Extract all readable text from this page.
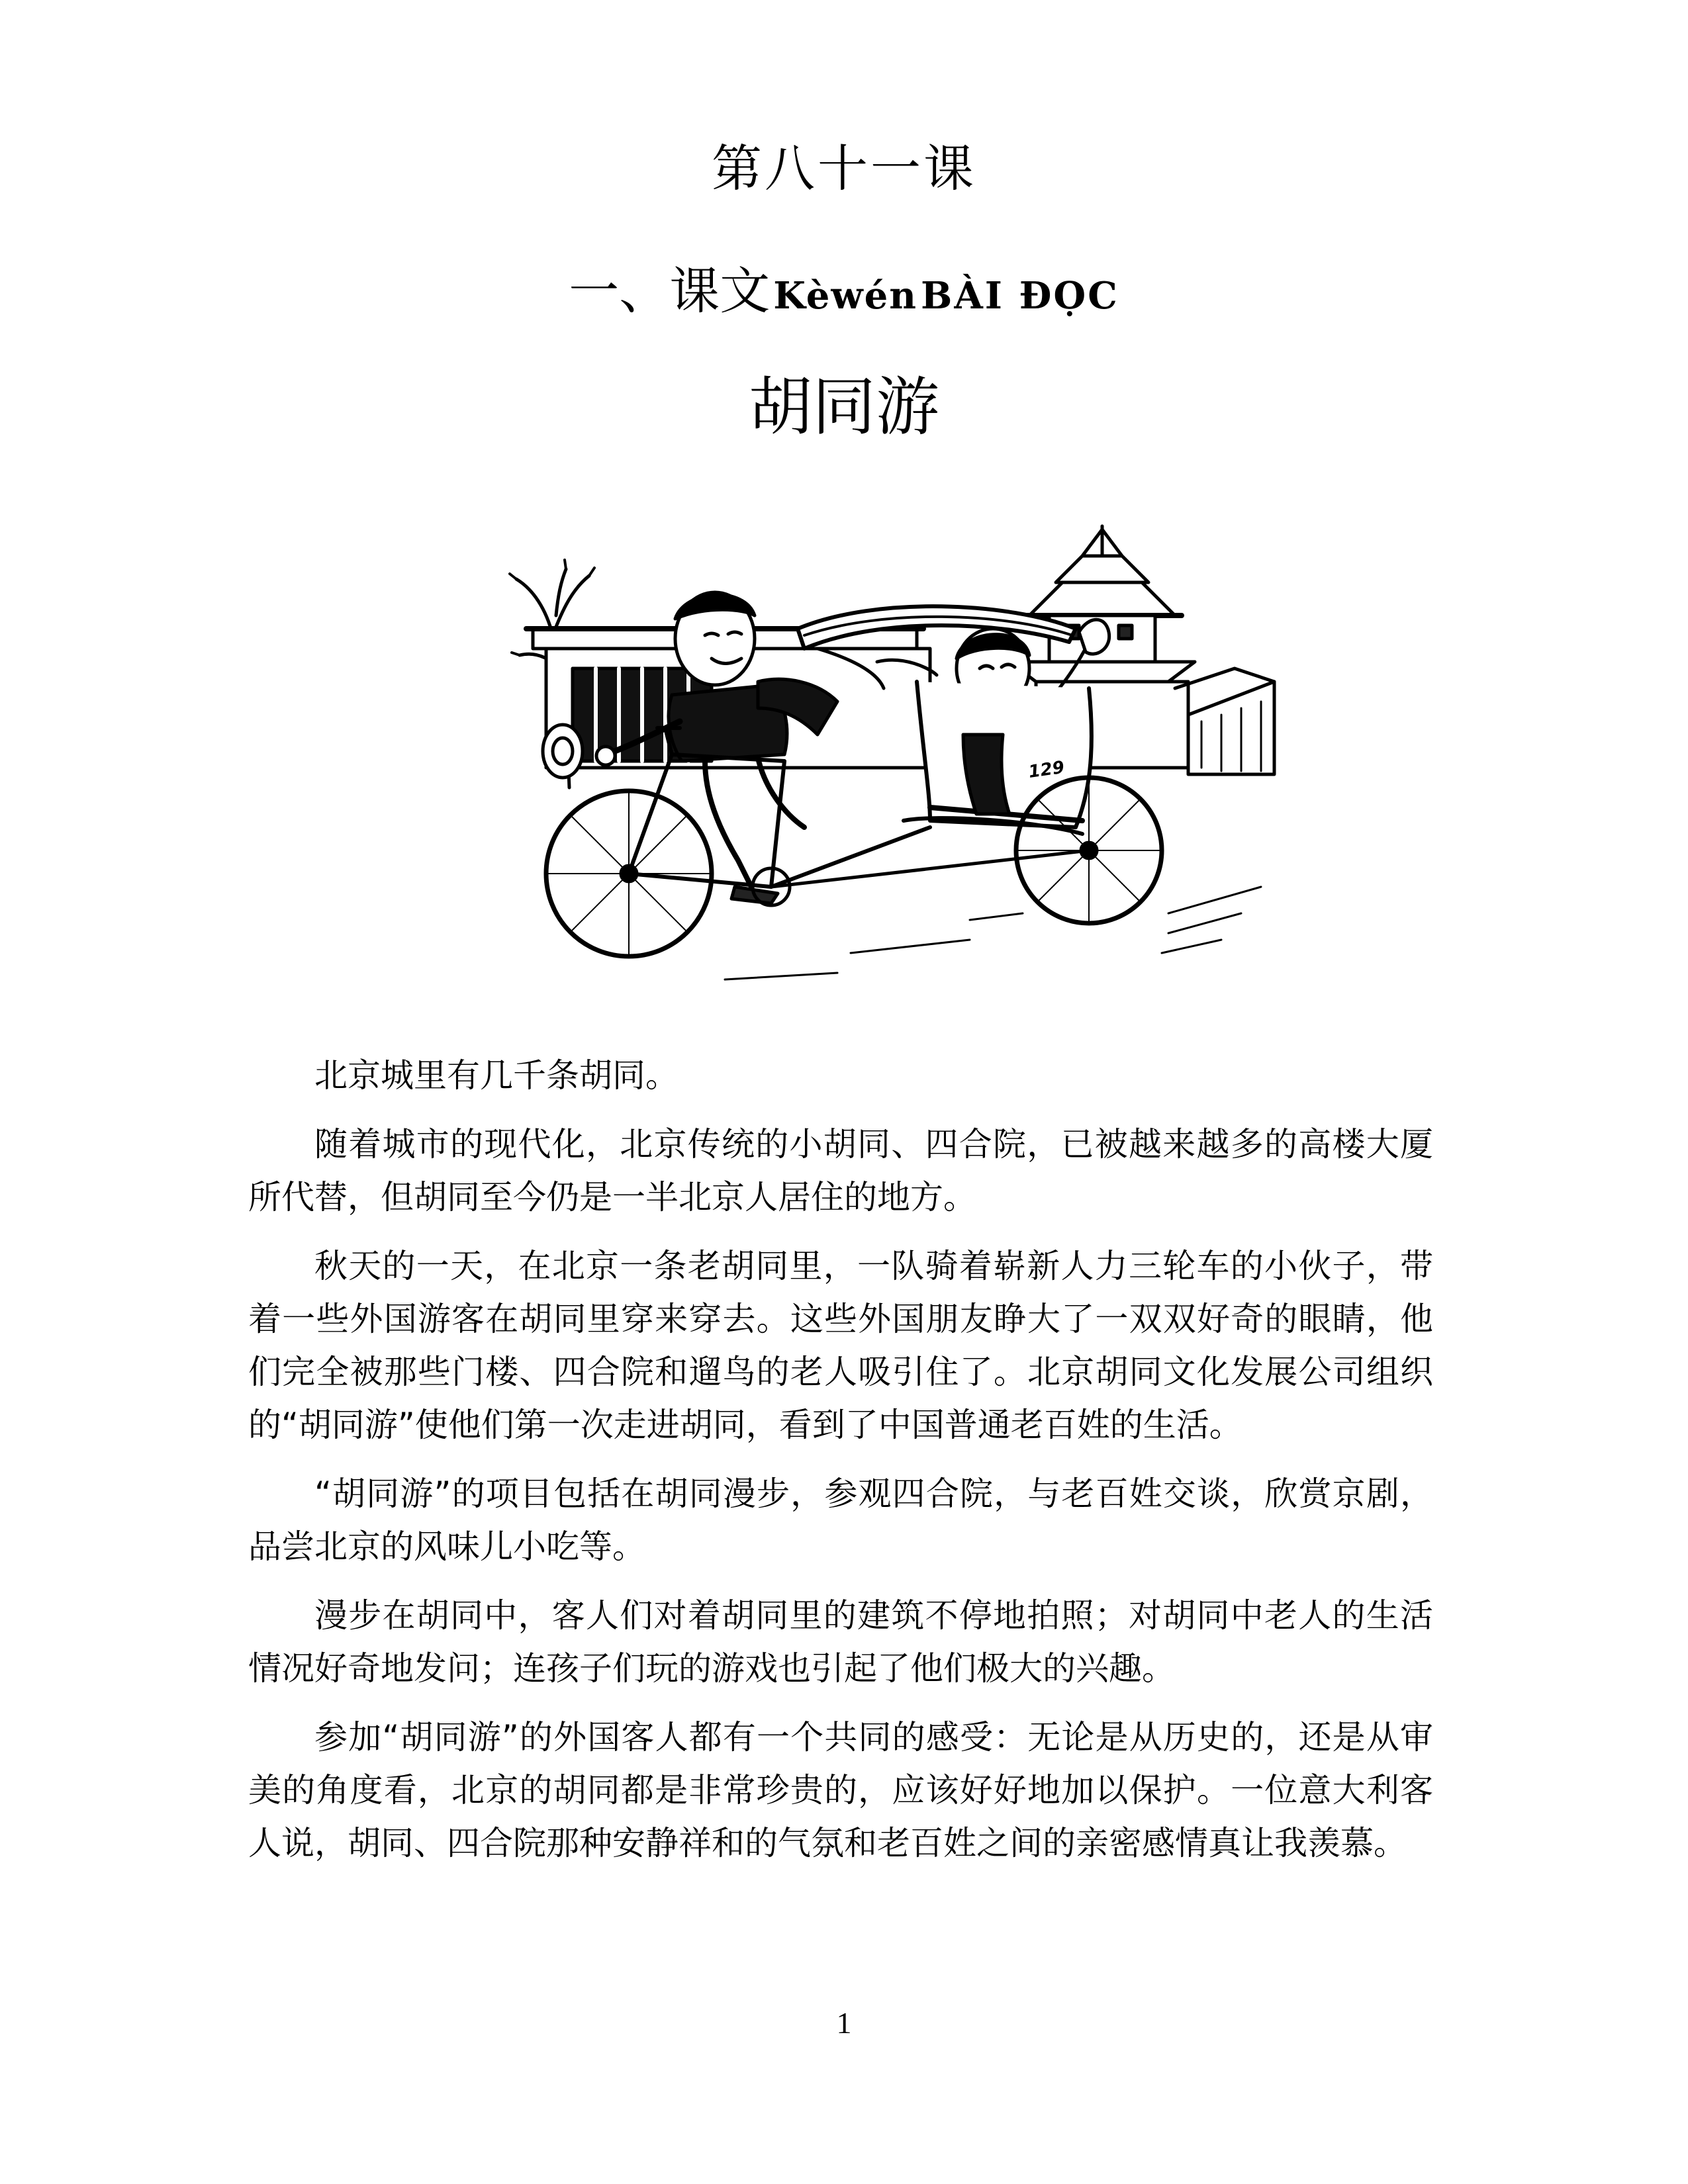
第八十一课
一、课文 Kèwén BÀI ĐỌC
胡同游
129

北京城里有几千条胡同。

随着城市的现代化，北京传统的小胡同、四合院，已被越来越多的高楼大厦所代替，但胡同至今仍是一半北京人居住的地方。

秋天的一天，在北京一条老胡同里，一队骑着崭新人力三轮车的小伙子，带着一些外国游客在胡同里穿来穿去。这些外国朋友睁大了一双双好奇的眼睛，他们完全被那些门楼、四合院和遛鸟的老人吸引住了。北京胡同文化发展公司组织的“胡同游”使他们第一次走进胡同，看到了中国普通老百姓的生活。

“胡同游”的项目包括在胡同漫步，参观四合院，与老百姓交谈，欣赏京剧，品尝北京的风味儿小吃等。

漫步在胡同中，客人们对着胡同里的建筑不停地拍照；对胡同中老人的生活情况好奇地发问；连孩子们玩的游戏也引起了他们极大的兴趣。

参加“胡同游”的外国客人都有一个共同的感受：无论是从历史的，还是从审美的角度看，北京的胡同都是非常珍贵的，应该好好地加以保护。一位意大利客人说，胡同、四合院那种安静祥和的气氛和老百姓之间的亲密感情真让我羡慕。

1
